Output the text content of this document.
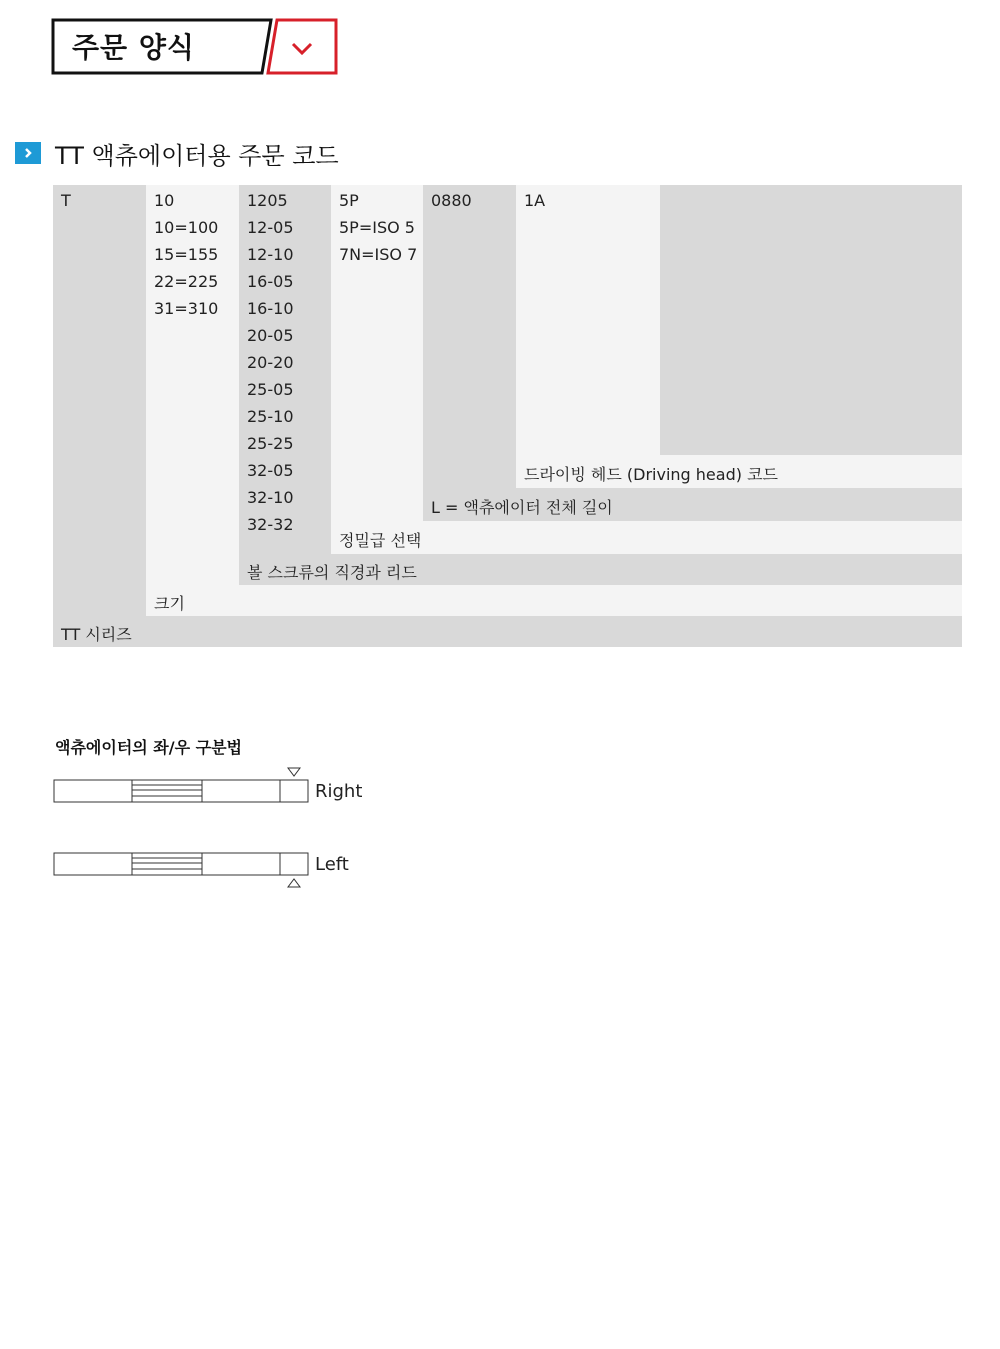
주문 양식
TT 액츄에이터용 주문 코드
T	10
10=100
15=155
22=225
31=310
1205
12-05
12-10
16-05
16-10
20-05
20-20
25-05
25-10
25-25
32-05
32-10
32-32
5P
5P=ISO 5
7N=ISO 7
0880	1A
드라이빙 헤드 (Driving head) 코드
L = 액츄에이터 전체 길이
정밀급 선택
볼 스크류의 직경과 리드
크기
TT 시리즈
액츄에이터의 좌/우 구분법
Right
Left
